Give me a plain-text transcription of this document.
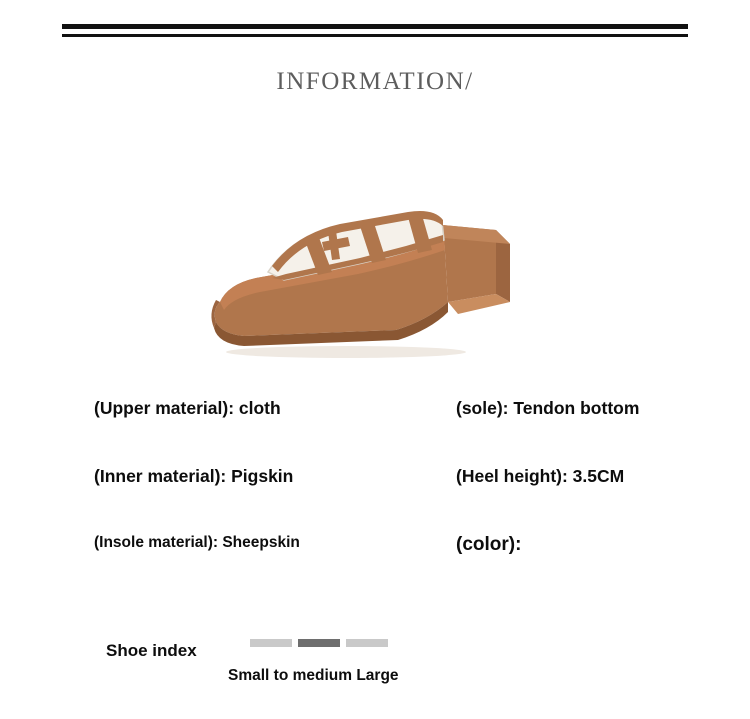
INFORMATION/
(Upper material): cloth	(sole): Tendon bottom
(Inner material): Pigskin	(Heel height): 3.5CM
(Insole material): Sheepskin	(color):
Shoe index
Small to medium Large
